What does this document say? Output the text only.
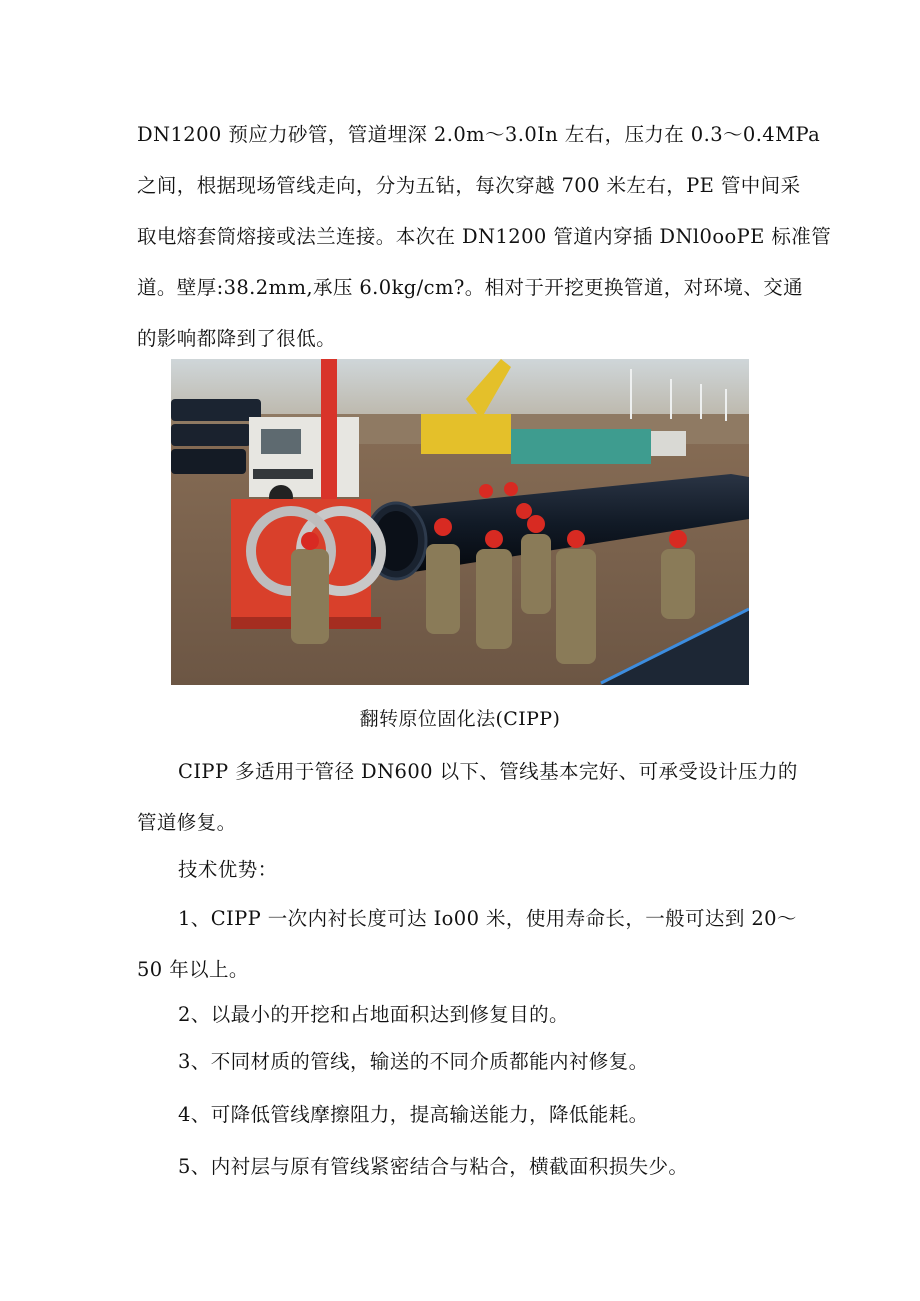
DN1200 预应力砂管，管道埋深 2.0m～3.0In 左右，压力在 0.3～0.4MPa
之间，根据现场管线走向，分为五钻，每次穿越 700 米左右，PE 管中间采
取电熔套筒熔接或法兰连接。本次在 DN1200 管道内穿插 DNl0ooPE 标准管
道。壁厚:38.2mm,承压 6.0kg/cm?。相对于开挖更换管道，对环境、交通
的影响都降到了很低。
翻转原位固化法(CIPP)
CIPP 多适用于管径 DN600 以下、管线基本完好、可承受设计压力的
管道修复。
技术优势：
1、CIPP 一次内衬长度可达 Io00 米，使用寿命长，一般可达到 20～
50 年以上。
2、以最小的开挖和占地面积达到修复目的。
3、不同材质的管线，输送的不同介质都能内衬修复。
4、可降低管线摩擦阻力，提高输送能力，降低能耗。
5、内衬层与原有管线紧密结合与粘合，横截面积损失少。
